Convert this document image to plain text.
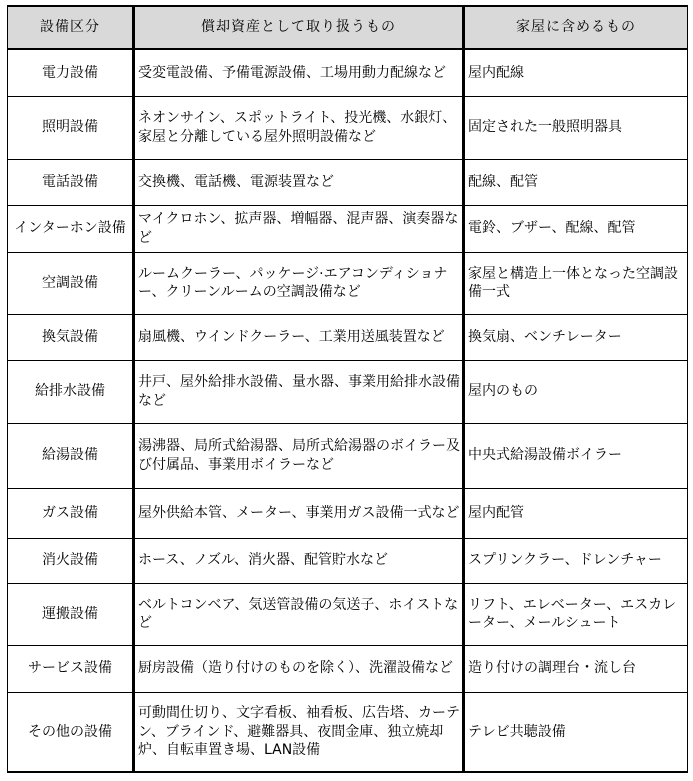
設備区分	償却資産として取り扱うもの	家屋に含めるもの
電力設備	受変電設備、予備電源設備、工場用動力配線など	屋内配線
照明設備	ネオンサイン、スポットライト、投光機、水銀灯、家屋と分離している屋外照明設備など	固定された一般照明器具
電話設備	交換機、電話機、電源装置など	配線、配管
インターホン設備	マイクロホン、拡声器、増幅器、混声器、演奏器など	電鈴、ブザー、配線、配管
空調設備	ルームクーラー、パッケージ·エアコンディショナー、クリーンルームの空調設備など	家屋と構造上一体となった空調設備一式
換気設備	扇風機、ウインドクーラー、工業用送風装置など	換気扇、ベンチレーター
給排水設備	井戸、屋外給排水設備、量水器、事業用給排水設備など	屋内のもの
給湯設備	湯沸器、局所式給湯器、局所式給湯器のボイラー及び付属品、事業用ボイラーなど	中央式給湯設備ボイラー
ガス設備	屋外供給本管、メーター、事業用ガス設備一式など	屋内配管
消火設備	ホース、ノズル、消火器、配管貯水など	スプリンクラー、ドレンチャー
運搬設備	ベルトコンベア、気送管設備の気送子、ホイストなど	リフト、エレベーター、エスカレーター、メールシュート
サービス設備	厨房設備（造り付けのものを除く）、洗濯設備など	造り付けの調理台・流し台
その他の設備	可動間仕切り、文字看板、袖看板、広告塔、カーテン、ブラインド、避難器具、夜間金庫、独立焼却炉、自転車置き場、LAN設備	テレビ共聴設備
